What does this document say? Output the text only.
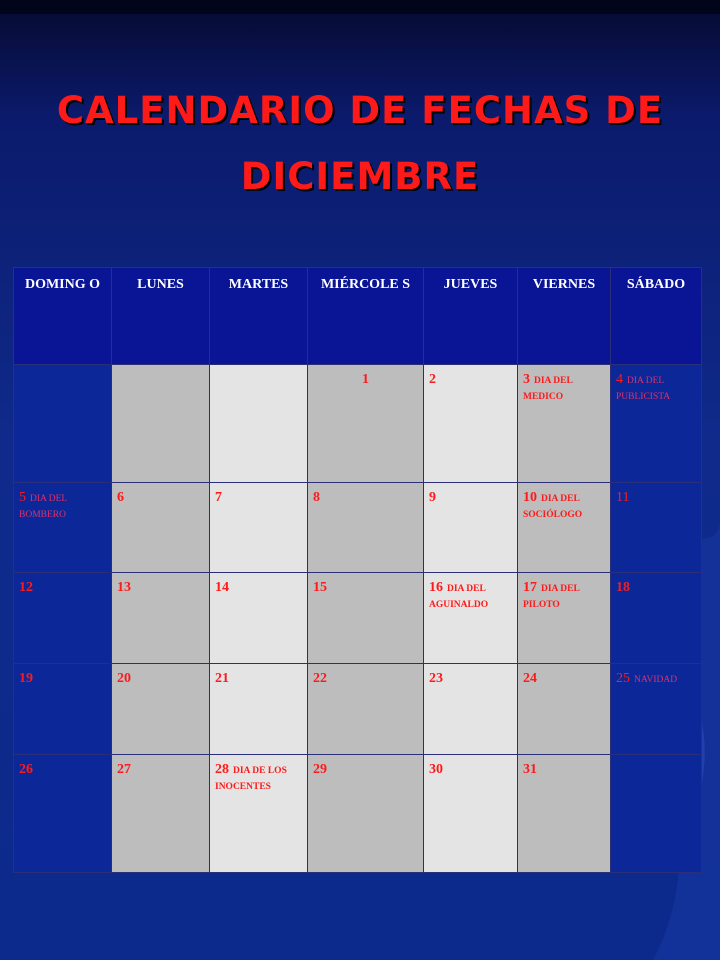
CALENDARIO DE FECHAS DE
DICIEMBRE
DOMING O	LUNES	MARTES	MIÉRCOLE S	JUEVES	VIERNES	SÁBADO

			1	2	3 DIA DEL MEDICO	4 DIA DEL PUBLICISTA

5 DIA DEL BOMBERO	6	7	8	9	10 DIA DEL SOCIÓLOGO	11

12	13	14	15	16 DIA DEL AGUINALDO	17 DIA DEL PILOTO	18

19	20	21	22	23	24	25 NAVIDAD

26	27	28 DIA DE LOS INOCENTES	29	30	31	
